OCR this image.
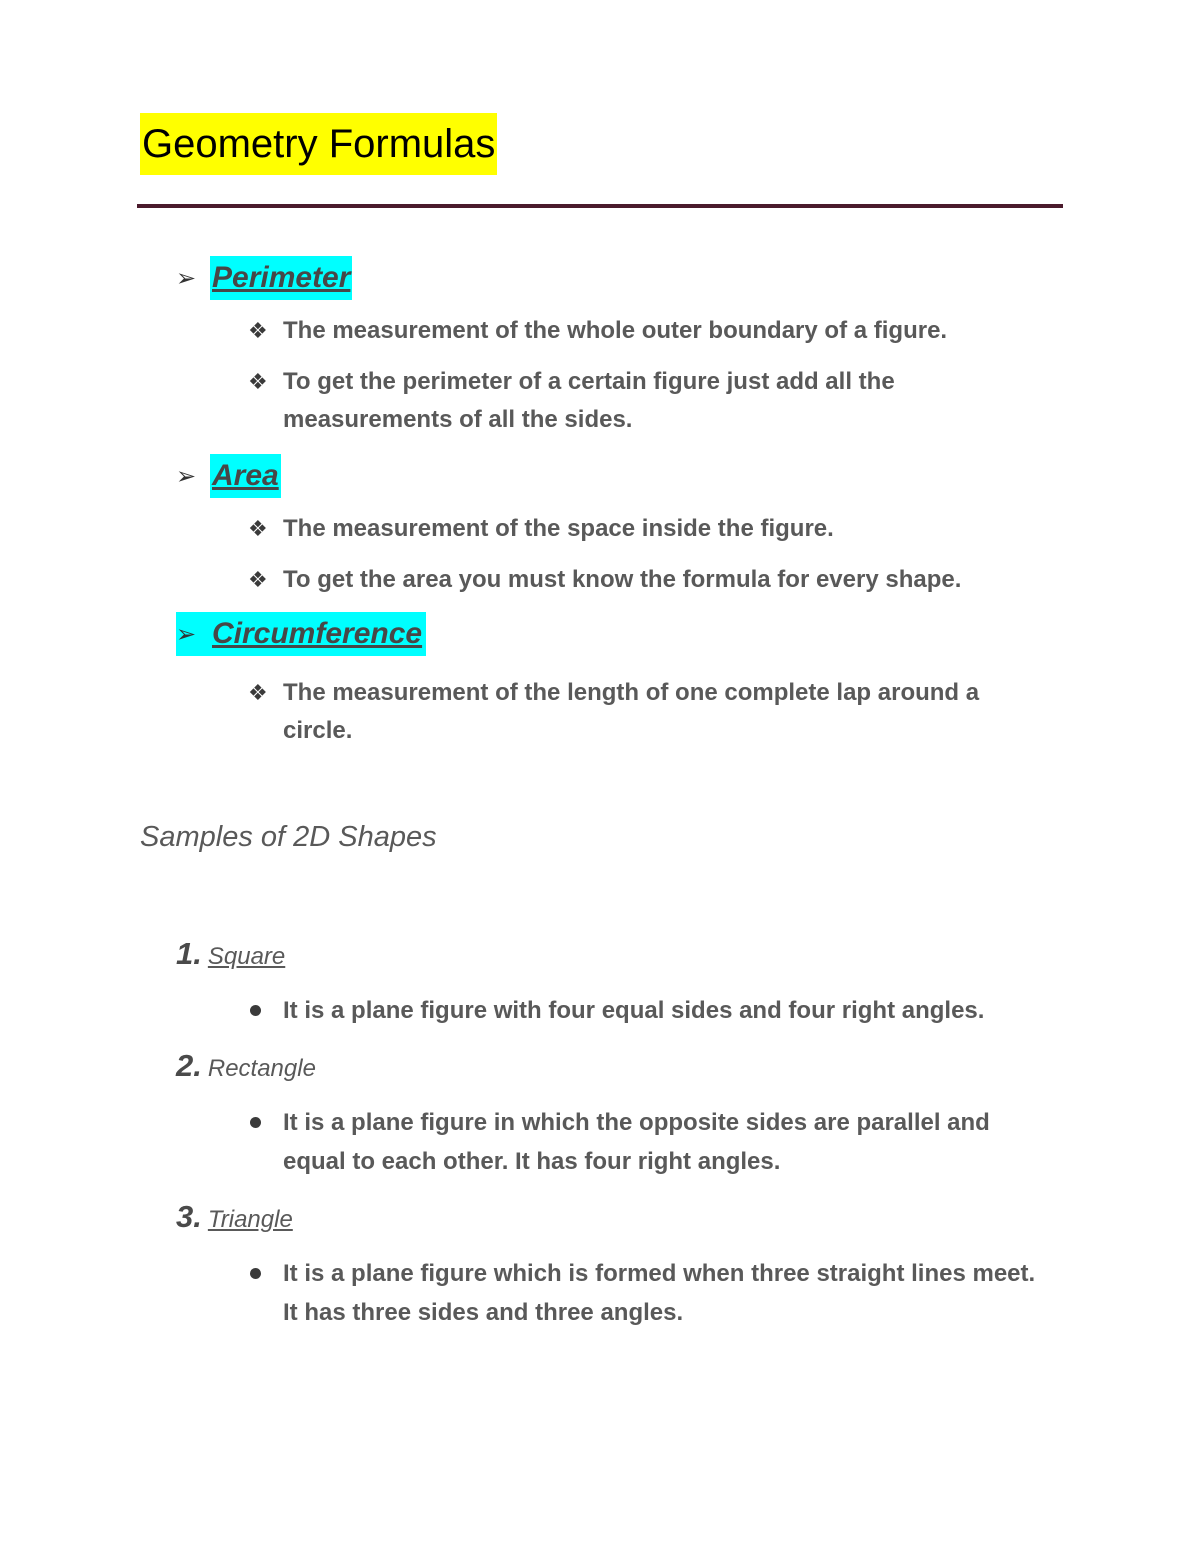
Geometry Formulas
➢ Perimeter
❖ The measurement of the whole outer boundary of a figure.
❖ To get the perimeter of a certain figure just add all the measurements of all the sides.
➢ Area
❖ The measurement of the space inside the figure.
❖ To get the area you must know the formula for every shape.
➢ Circumference
❖ The measurement of the length of one complete lap around a circle.
Samples of 2D Shapes
1. Square
It is a plane figure with four equal sides and four right angles.
2. Rectangle
It is a plane figure in which the opposite sides are parallel and equal to each other. It has four right angles.
3. Triangle
It is a plane figure which is formed when three straight lines meet. It has three sides and three angles.
